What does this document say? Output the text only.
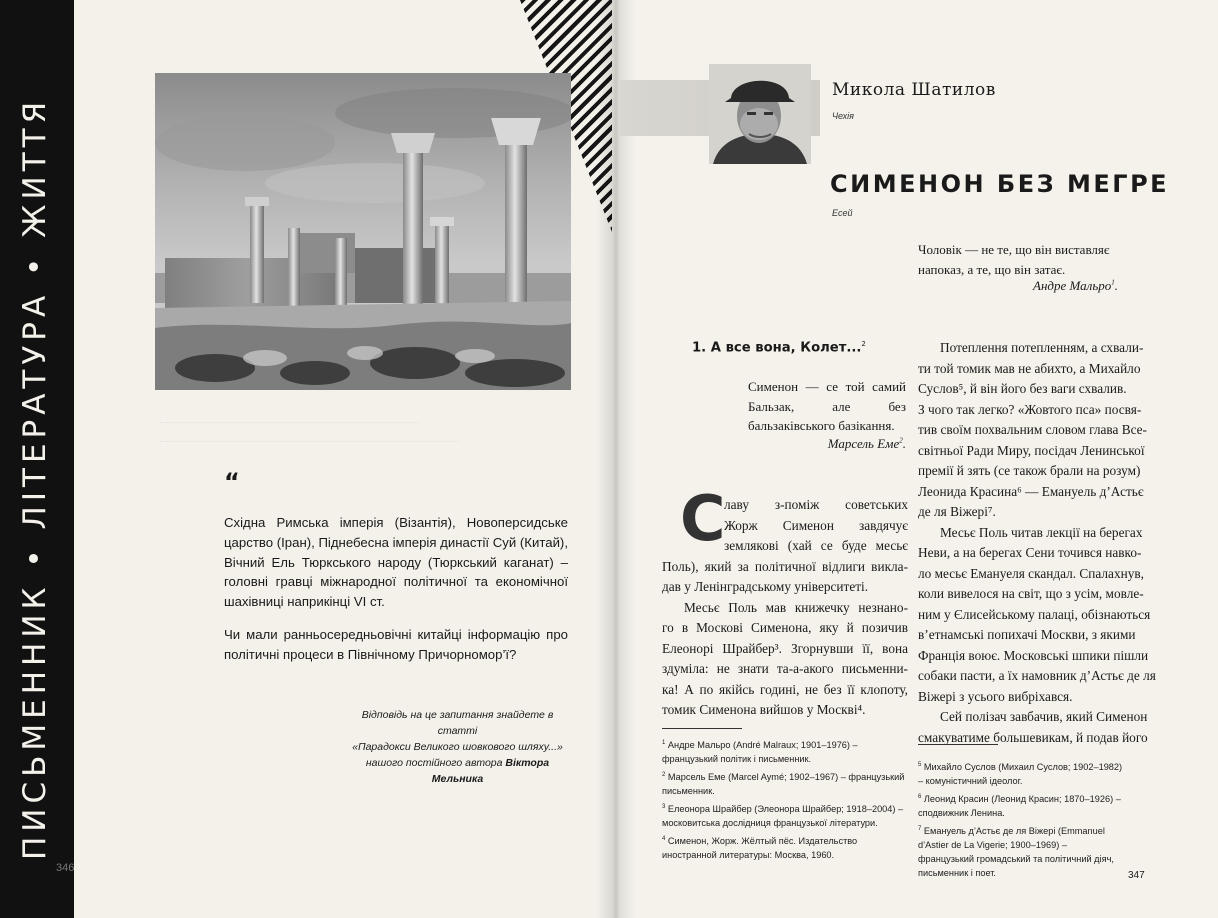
ПИСЬМЕННИК • ЛІТЕРАТУРА • ЖИТТЯ	“
Східна Римська імперія (Візантія), Новоперсидське царство (Іран), Піднебесна імперія династії Суй (Китай), Вічний Ель Тюркського народу (Тюркський каганат) – головні гравці міжнародної політичної та економічної шахівниці наприкінці VI ст.
Чи мали ранньосередньовічні китайці інформацію про політичні процеси в Північному Причорномор’ї?
Відповідь на це запитання знайдете в статті
«Парадокси Великого шовкового шляху...»
нашого постійного автора Віктора Мельника
346
Микола Шатилов
Чехія
СИМЕНОН БЕЗ МЕГРЕ
Есей
Чоловік — не те, що він виставляє напоказ, а те, що він затає.
Андре Мальро$^1$.
1. А все вона, Колет...$^2$
Сименон — се той самий Бальзак, але без бальзаківського базікання.
Марсель Еме$^2$.
С
лаву з-поміж советських
Жорж Сименон завдячує
землякові (хай се буде месьє
Поль), який за політичної відлиги викла-
дав у Ленінградському університеті.
Месьє Поль мав книжечку незнано-
го в Москові Сименона, яку й позичив
Елеонорі Шрайбер³. Згорнувши її, вона
здуміла: не знати та-а-акого письменни-
ка! А по якійсь годині, не без її клопоту,
томик Сименона вийшов у Москві⁴.
Потеплення потепленням, а схвали-
ти той томик мав не абихто, а Михайло
Суслов⁵, й він його без ваги схвалив.
З чого так легко? «Жовтого пса» посвя-
тив своїм похвальним словом глава Все-
світньої Ради Миру, посідач Ленинської
премії й зять (се також брали на розум)
Леонида Красина⁶ — Емануель д’Астьє
де ля Віжері⁷.
Месьє Поль читав лекції на берегах
Неви, а на берегах Сени точився навко-
ло месьє Емануеля скандал. Спалахнув,
коли вивелося на світ, що з усім, мовле-
ним у Єлисейському палаці, обізнаються
в’етнамські попихачі Москви, з якими
Франція воює. Московські шпики пішли
собаки пасти, а їх намовник д’Астьє де ля
Віжері з усього вибріхався.
Сей полізач завбачив, який Сименон
смакуватиме большевикам, й подав його
$^1$ Андре Мальро (André Malraux; 1901–1976) – французький політик і письменник.
$^2$ Марсель Еме (Marcel Aymé; 1902–1967) – французький письменник.
$^3$ Елеонора Шрайбер (Элеонора Шрайбер; 1918–2004) – московитська дослідниця французької літератури.
$^4$ Сименон, Жорж. Жёлтый пёс. Издательство иностранной литературы: Москва, 1960.
$^5$ Михайло Суслов (Михаил Суслов; 1902–1982) – комуністичний ідеолог.
$^6$ Леонид Красин (Леонид Красин; 1870–1926) – сподвижник Ленина.
$^7$ Емануель д’Астьє де ля Віжері (Emmanuel d’Astier de La Vigerie; 1900–1969) – французький громадський та політичний діяч, письменник і поет.	347
